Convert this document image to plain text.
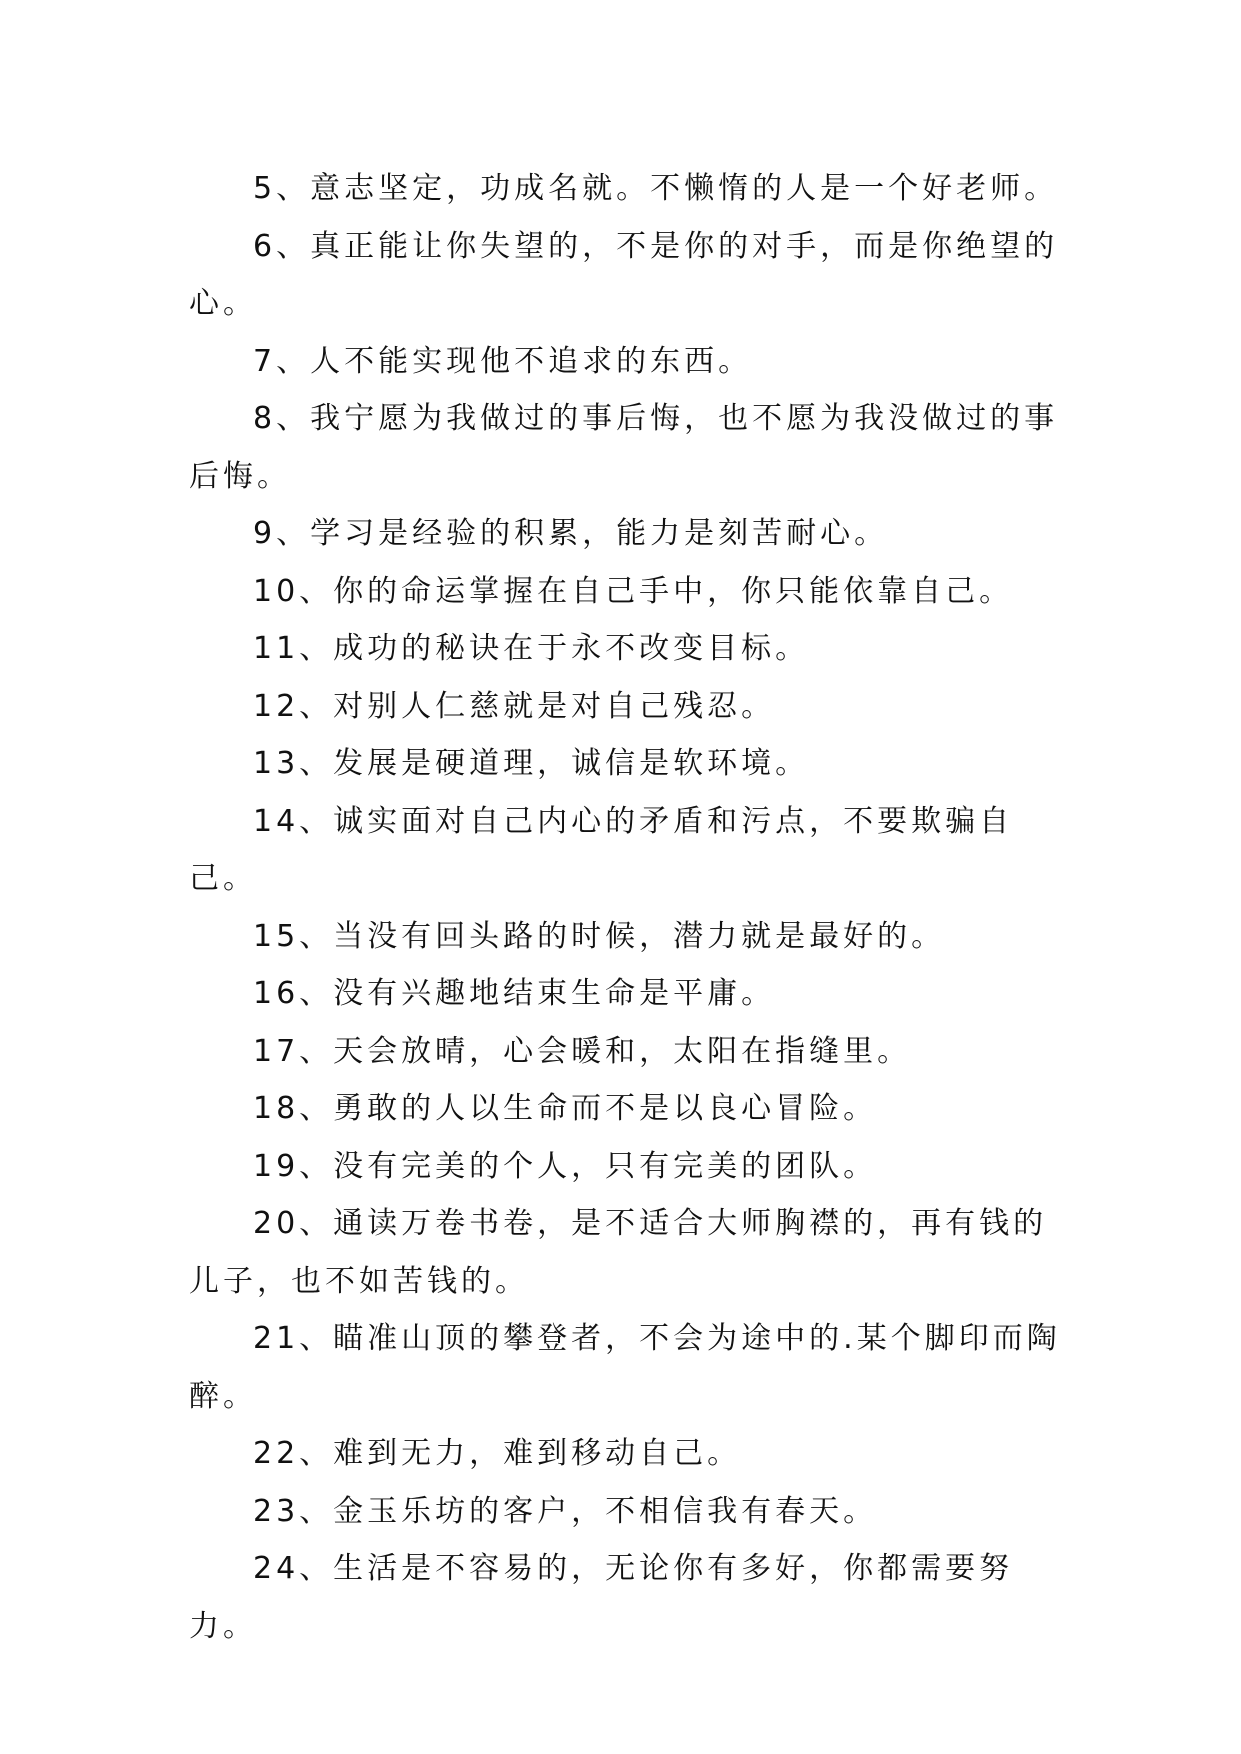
5、意志坚定，功成名就。不懒惰的人是一个好老师。

6、真正能让你失望的，不是你的对手，而是你绝望的心。

7、人不能实现他不追求的东西。

8、我宁愿为我做过的事后悔，也不愿为我没做过的事后悔。

9、学习是经验的积累，能力是刻苦耐心。

10、你的命运掌握在自己手中，你只能依靠自己。

11、成功的秘诀在于永不改变目标。

12、对别人仁慈就是对自己残忍。

13、发展是硬道理，诚信是软环境。

14、诚实面对自己内心的矛盾和污点，不要欺骗自己。

15、当没有回头路的时候，潜力就是最好的。

16、没有兴趣地结束生命是平庸。

17、天会放晴，心会暖和，太阳在指缝里。

18、勇敢的人以生命而不是以良心冒险。

19、没有完美的个人，只有完美的团队。

20、通读万卷书卷，是不适合大师胸襟的，再有钱的儿子，也不如苦钱的。

21、瞄准山顶的攀登者，不会为途中的.某个脚印而陶醉。

22、难到无力，难到移动自己。

23、金玉乐坊的客户，不相信我有春天。

24、生活是不容易的，无论你有多好，你都需要努力。
